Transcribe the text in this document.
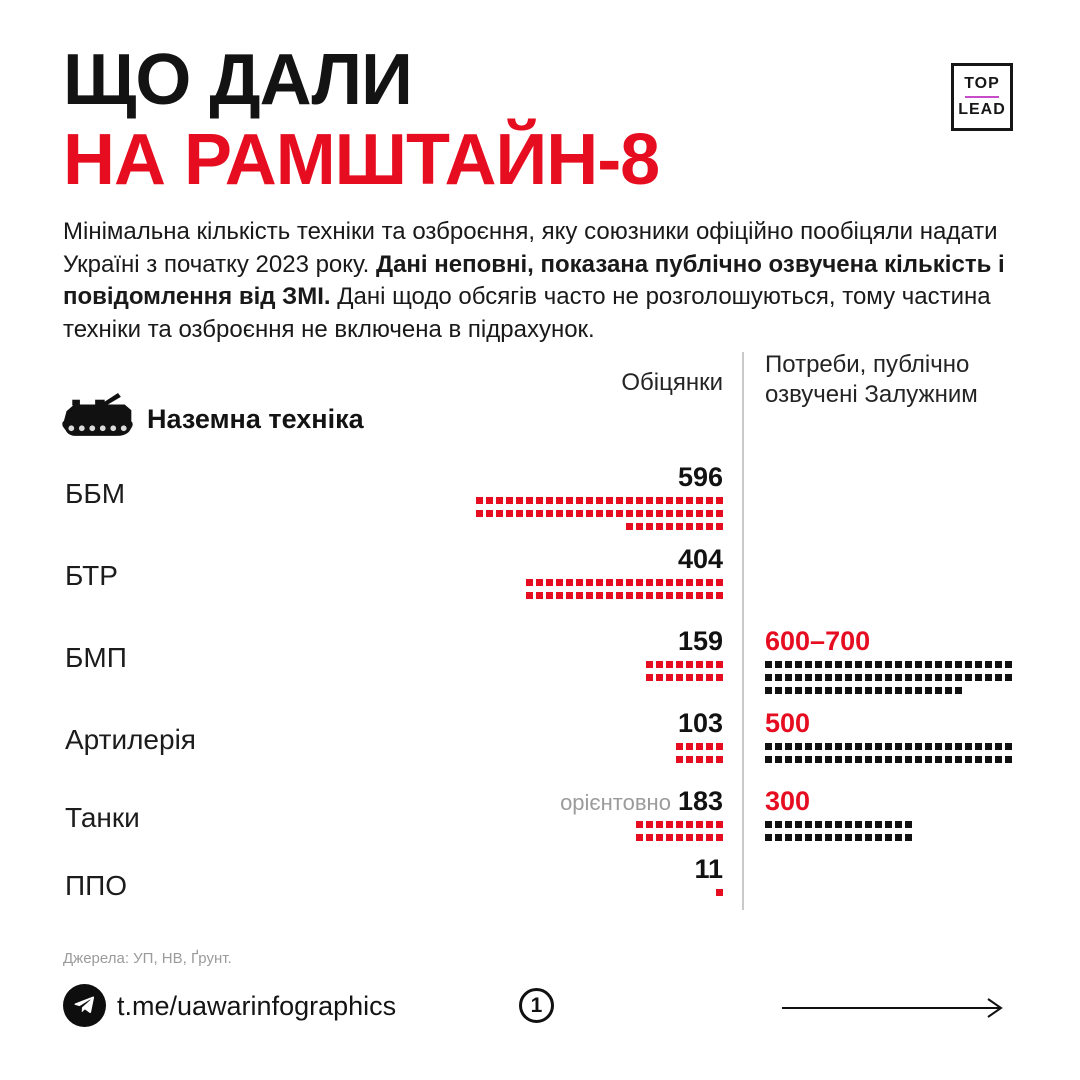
ЩО ДАЛИ
НА РАМШТАЙН-8
TOP
LEAD
Мінімальна кількість техніки та озброєння, яку союзники офіційно пообіцяли надати Україні з початку 2023 року. Дані неповні, показана публічно озвучена кількість і повідомлення від ЗМІ. Дані щодо обсягів часто не розголошуються, тому частина техніки та озброєння не включена в підрахунок.
Наземна техніка
Обіцянки
Потреби, публічно озвучені Залужним
ББМ
596
БТР
404
БМП
159 600–700
Артилерія
103 500
Танки	орієнтовно 183 300
ППО
11
Джерела: УП, НВ, Ґрунт.
t.me/uawarinfographics	1
